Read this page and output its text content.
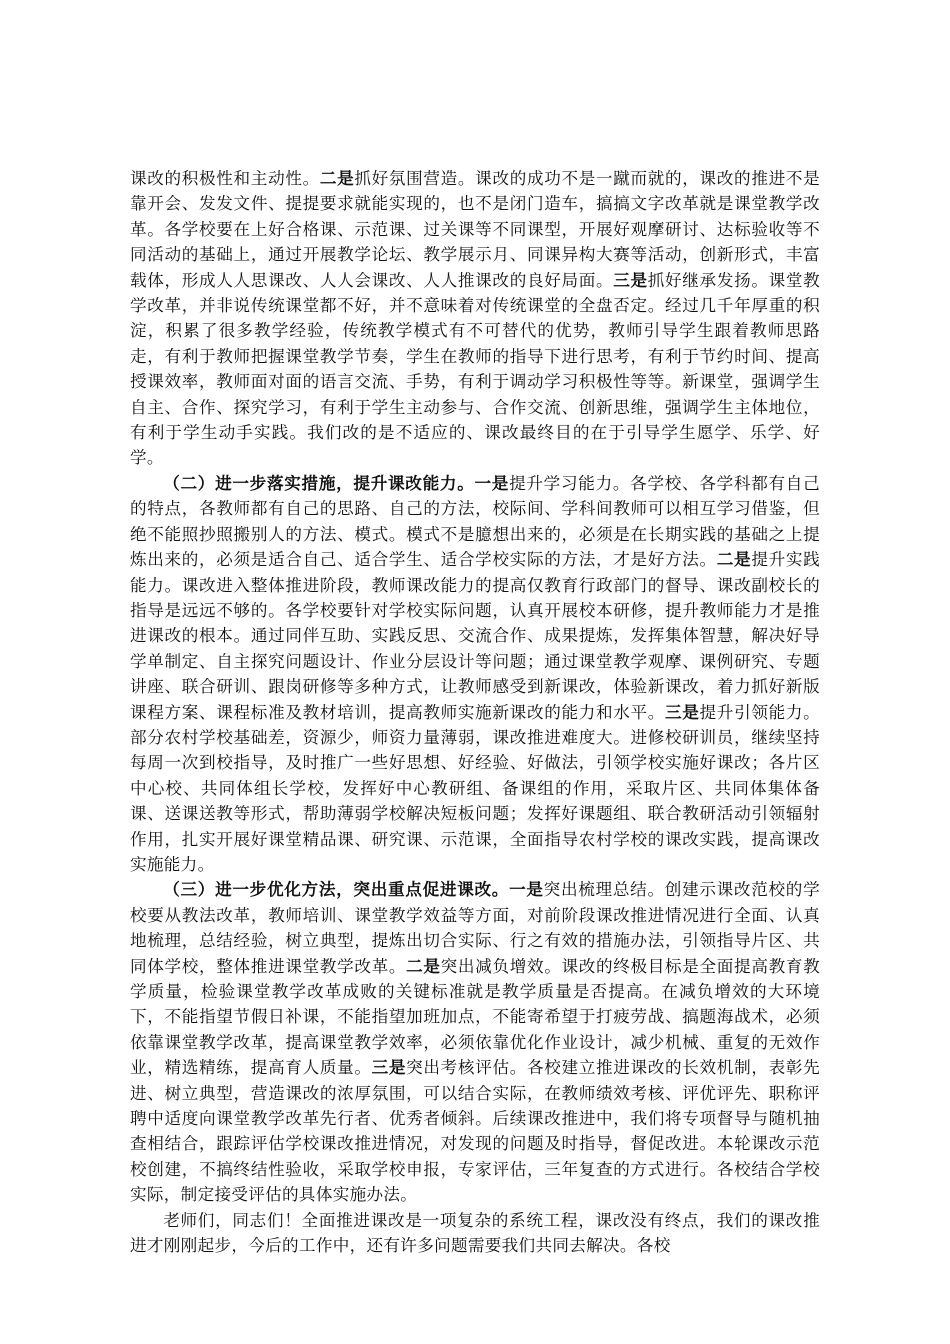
课改的积极性和主动性。二是抓好氛围营造。课改的成功不是一蹴而就的，课改的推进不是靠开会、发发文件、提提要求就能实现的，也不是闭门造车，搞搞文字改革就是课堂教学改革。各学校要在上好合格课、示范课、过关课等不同课型，开展好观摩研讨、达标验收等不同活动的基础上，通过开展教学论坛、教学展示月、同课异构大赛等活动，创新形式，丰富载体，形成人人思课改、人人会课改、人人推课改的良好局面。三是抓好继承发扬。课堂教学改革，并非说传统课堂都不好，并不意味着对传统课堂的全盘否定。经过几千年厚重的积淀，积累了很多教学经验，传统教学模式有不可替代的优势，教师引导学生跟着教师思路走，有利于教师把握课堂教学节奏，学生在教师的指导下进行思考，有利于节约时间、提高授课效率，教师面对面的语言交流、手势，有利于调动学习积极性等等。新课堂，强调学生自主、合作、探究学习，有利于学生主动参与、合作交流、创新思维，强调学生主体地位，有利于学生动手实践。我们改的是不适应的、课改最终目的在于引导学生愿学、乐学、好学。

（二）进一步落实措施，提升课改能力。一是提升学习能力。各学校、各学科都有自己的特点，各教师都有自己的思路、自己的方法，校际间、学科间教师可以相互学习借鉴，但绝不能照抄照搬别人的方法、模式。模式不是臆想出来的，必须是在长期实践的基础之上提炼出来的，必须是适合自己、适合学生、适合学校实际的方法，才是好方法。二是提升实践能力。课改进入整体推进阶段，教师课改能力的提高仅教育行政部门的督导、课改副校长的指导是远远不够的。各学校要针对学校实际问题，认真开展校本研修，提升教师能力才是推进课改的根本。通过同伴互助、实践反思、交流合作、成果提炼，发挥集体智慧，解决好导学单制定、自主探究问题设计、作业分层设计等问题；通过课堂教学观摩、课例研究、专题讲座、联合研训、跟岗研修等多种方式，让教师感受到新课改，体验新课改，着力抓好新版课程方案、课程标准及教材培训，提高教师实施新课改的能力和水平。三是提升引领能力。部分农村学校基础差，资源少，师资力量薄弱，课改推进难度大。进修校研训员，继续坚持每周一次到校指导，及时推广一些好思想、好经验、好做法，引领学校实施好课改；各片区中心校、共同体组长学校，发挥好中心教研组、备课组的作用，采取片区、共同体集体备课、送课送教等形式，帮助薄弱学校解决短板问题；发挥好课题组、联合教研活动引领辐射作用，扎实开展好课堂精品课、研究课、示范课，全面指导农村学校的课改实践，提高课改实施能力。

（三）进一步优化方法，突出重点促进课改。一是突出梳理总结。创建示课改范校的学校要从教法改革，教师培训、课堂教学效益等方面，对前阶段课改推进情况进行全面、认真地梳理，总结经验，树立典型，提炼出切合实际、行之有效的措施办法，引领指导片区、共同体学校，整体推进课堂教学改革。二是突出减负增效。课改的终极目标是全面提高教育教学质量，检验课堂教学改革成败的关键标准就是教学质量是否提高。在减负增效的大环境下，不能指望节假日补课，不能指望加班加点，不能寄希望于打疲劳战、搞题海战术，必须依靠课堂教学改革，提高课堂教学效率，必须依靠优化作业设计，减少机械、重复的无效作业，精选精练，提高育人质量。三是突出考核评估。各校建立推进课改的长效机制，表彰先进、树立典型，营造课改的浓厚氛围，可以结合实际，在教师绩效考核、评优评先、职称评聘中适度向课堂教学改革先行者、优秀者倾斜。后续课改推进中，我们将专项督导与随机抽查相结合，跟踪评估学校课改推进情况，对发现的问题及时指导，督促改进。本轮课改示范校创建，不搞终结性验收，采取学校申报，专家评估，三年复查的方式进行。各校结合学校实际，制定接受评估的具体实施办法。

老师们，同志们！全面推进课改是一项复杂的系统工程，课改没有终点，我们的课改推进才刚刚起步，今后的工作中，还有许多问题需要我们共同去解决。各校
